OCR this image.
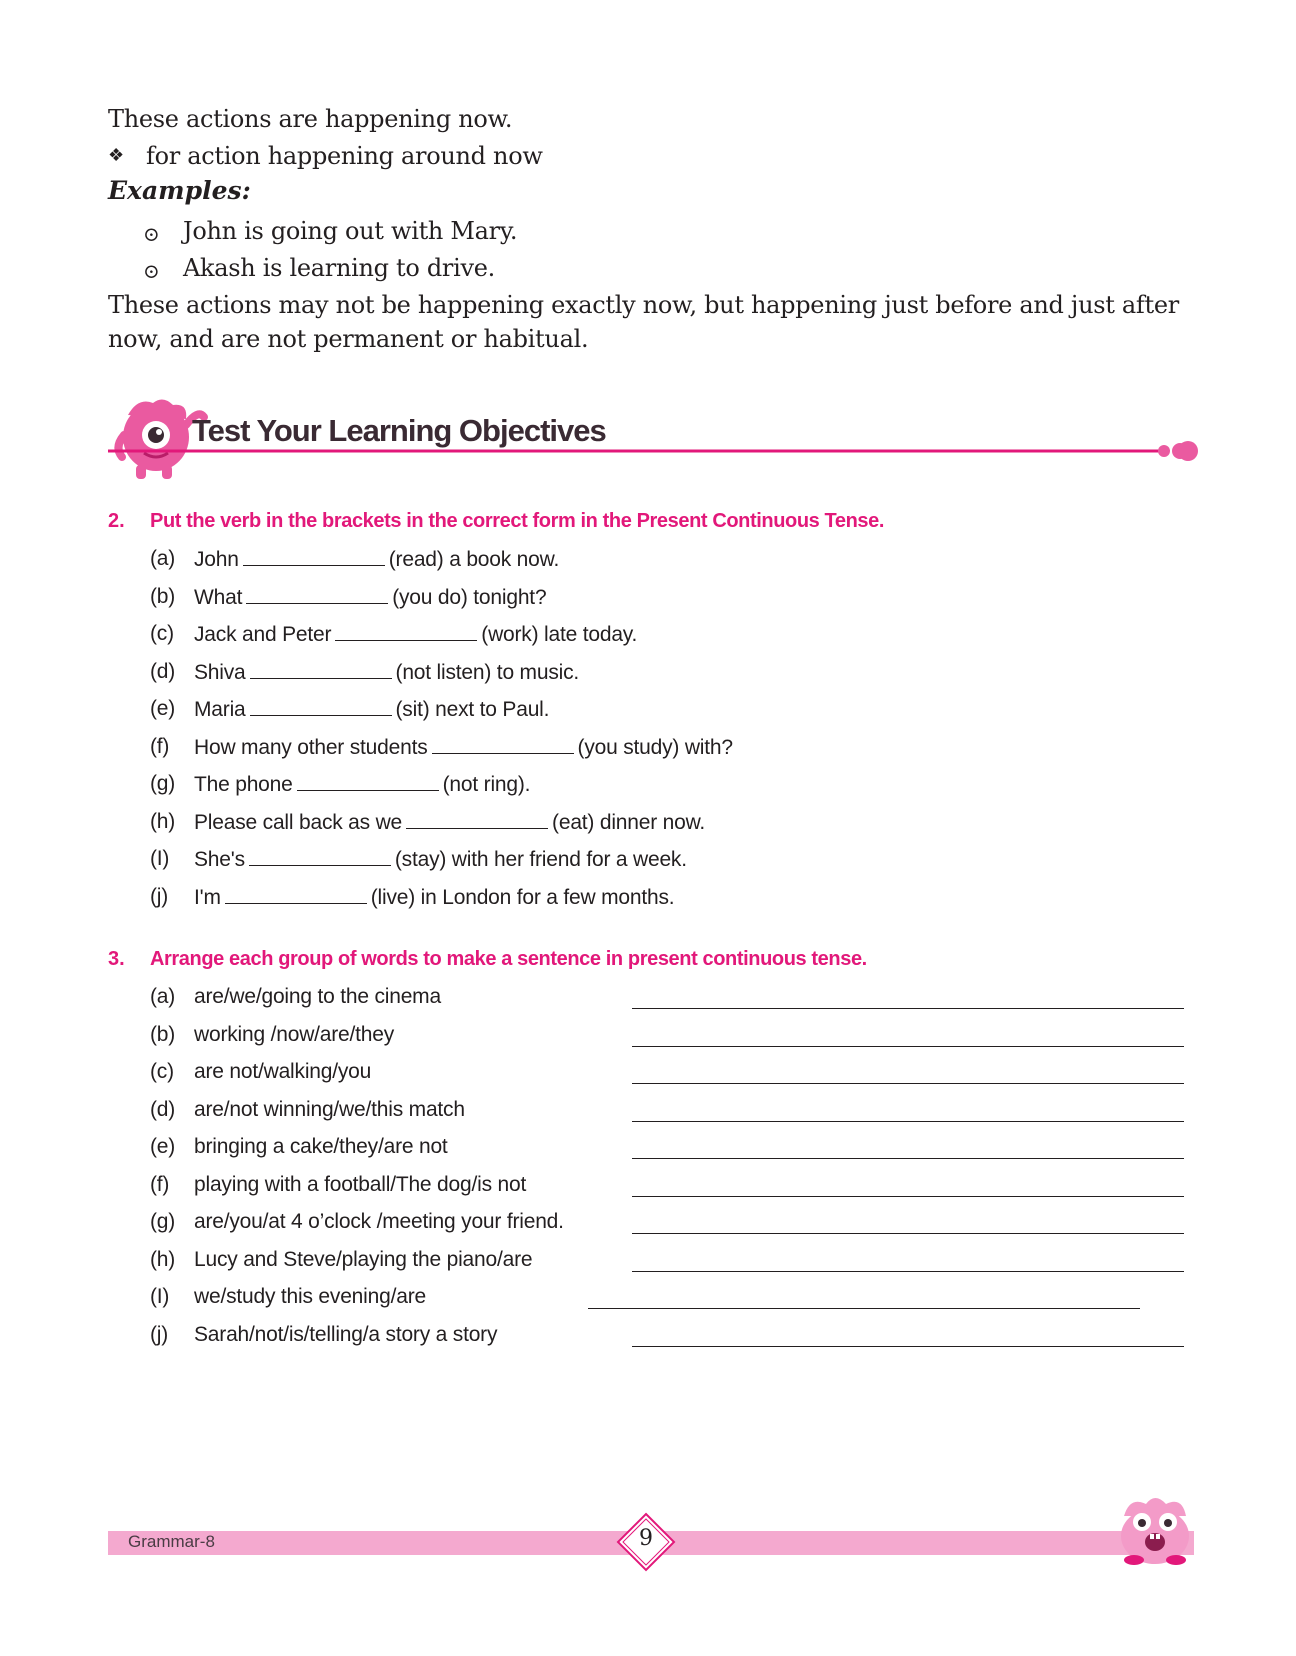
These actions are happening now.
❖ for action happening around now
Examples:
⊙ John is going out with Mary.
⊙ Akash is learning to drive.
These actions may not be happening exactly now, but happening just before and just after now, and are not permanent or habitual.
Test Your Learning Objectives
2. Put the verb in the brackets in the correct form in the Present Continuous Tense.
(a) John	(read) a book now.
(b) What	(you do) tonight?
(c) Jack and Peter	(work) late today.
(d) Shiva	(not listen) to music.
(e) Maria	(sit) next to Paul.
(f) How many other students	(you study) with?
(g) The phone	(not ring).
(h) Please call back as we	(eat) dinner now.
(I) She's	(stay) with her friend for a week.
(j) I'm	(live) in London for a few months.
3. Arrange each group of words to make a sentence in present continuous tense.
(a) are/we/going to the cinema
(b) working /now/are/they
(c) are not/walking/you
(d) are/not winning/we/this match
(e) bringing a cake/they/are not
(f) playing with a football/The dog/is not
(g) are/you/at 4 o’clock /meeting your friend.
(h) Lucy and Steve/playing the piano/are
(I) we/study this evening/are
(j) Sarah/not/is/telling/a story a story
Grammar-8	9
